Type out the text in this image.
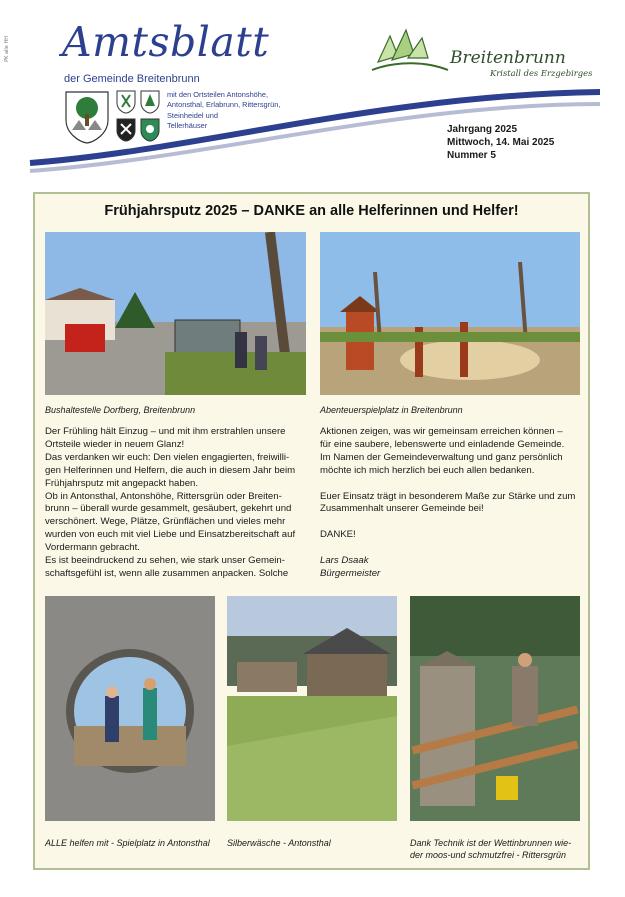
PK alle HH Amtsblatt
der Gemeinde Breitenbrunn
mit den Ortsteilen Antonshöhe,
Antonsthal, Erlabrunn, Rittersgrün,
Steinheidel und
Tellerhäuser
Breitenbrunn
Kristall des Erzgebirges
Jahrgang 2025
Mittwoch, 14. Mai 2025
Nummer 5
Frühjahrsputz 2025 – DANKE an alle Helferinnen und Helfer!
Bushaltestelle Dorfberg, Breitenbrunn	Abenteuerspielplatz in Breitenbrunn

Der Frühling hält Einzug – und mit ihm erstrahlen unsere

Ortsteile wieder in neuem Glanz!

Das verdanken wir euch: Den vielen engagierten, freiwilli-

gen Helferinnen und Helfern, die auch in diesem Jahr beim

Frühjahrsputz mit angepackt haben.

Ob in Antonsthal, Antonshöhe, Rittersgrün oder Breiten-

brunn – überall wurde gesammelt, gesäubert, gekehrt und

verschönert. Wege, Plätze, Grünflächen und vieles mehr

wurden von euch mit viel Liebe und Einsatzbereitschaft auf

Vordermann gebracht.

Es ist beeindruckend zu sehen, wie stark unser Gemein-

schaftsgefühl ist, wenn alle zusammen anpacken. Solche

Aktionen zeigen, was wir gemeinsam erreichen können –

für eine saubere, lebenswerte und einladende Gemeinde.

Im Namen der Gemeindeverwaltung und ganz persönlich

möchte ich mich herzlich bei euch allen bedanken.

Euer Einsatz trägt in besonderem Maße zur Stärke und zum

Zusammenhalt unserer Gemeinde bei!

DANKE!

Lars Dsaak

Bürgermeister

ALLE helfen mit - Spielplatz in Antonsthal Silberwäsche - Antonsthal	Dank Technik ist der Wettinbrunnen wie-
der moos-und schmutzfrei - Rittersgrün
